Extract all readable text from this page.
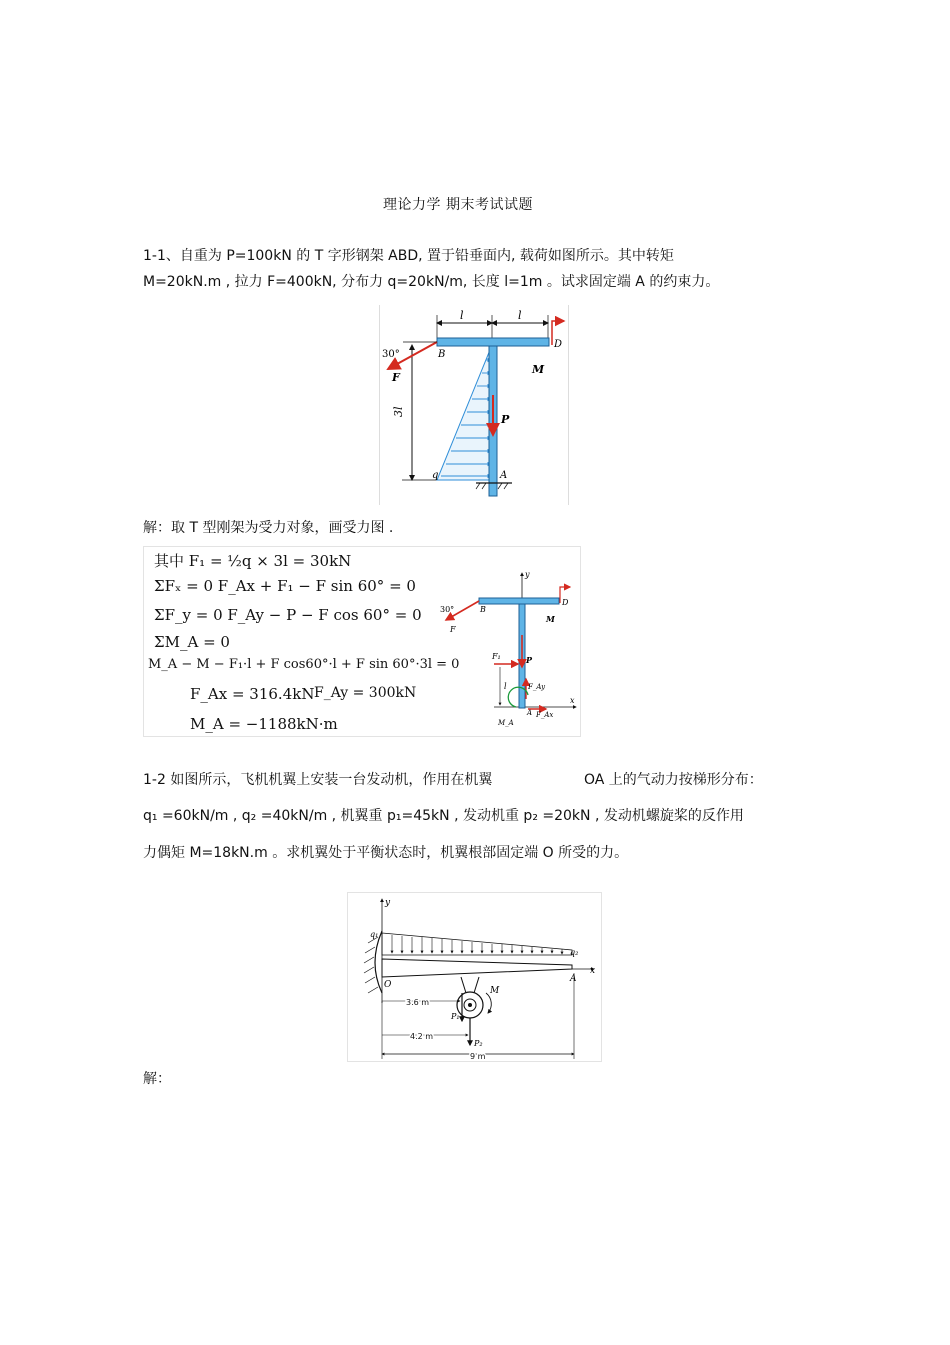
理论力学 期末考试试题
1-1、自重为 P=100kN 的 T 字形钢架 ABD, 置于铅垂面内, 载荷如图所示。其中转矩
M=20kN.m , 拉力 F=400kN, 分布力 q=20kN/m, 长度 l=1m 。试求固定端 A 的约束力。
l	l
3l
P
30°
F
B
D
M
q	A
解：取 T 型刚架为受力对象，画受力图 .
其中 F₁ = ½q × 3l = 30kN
ΣFₓ = 0 F_Ax + F₁ − F sin 60° = 0
ΣF_y = 0 F_Ay − P − F cos 60° = 0
ΣM_A = 0
M_A − M − F₁·l + F cos60°·l + F sin 60°·3l = 0
F_Ax = 316.4kN F_Ay = 300kN
M_A = −1188kN·m
y
x
30°
F
B
D
M
P
F₁
l	F_Ay
F_Ax
A
M_A
1-2 如图所示，飞机机翼上安装一台发动机，作用在机翼	OA 上的气动力按梯形分布：
q₁ =60kN/m , q₂ =40kN/m , 机翼重 p₁=45kN , 发动机重 p₂ =20kN , 发动机螺旋桨的反作用
力偶矩 M=18kN.m 。求机翼处于平衡状态时，机翼根部固定端 O 所受的力。
y
q₁
q₂
x
O
A
M
P₁
P₂
3.6 m
4.2 m
9 m
解：
